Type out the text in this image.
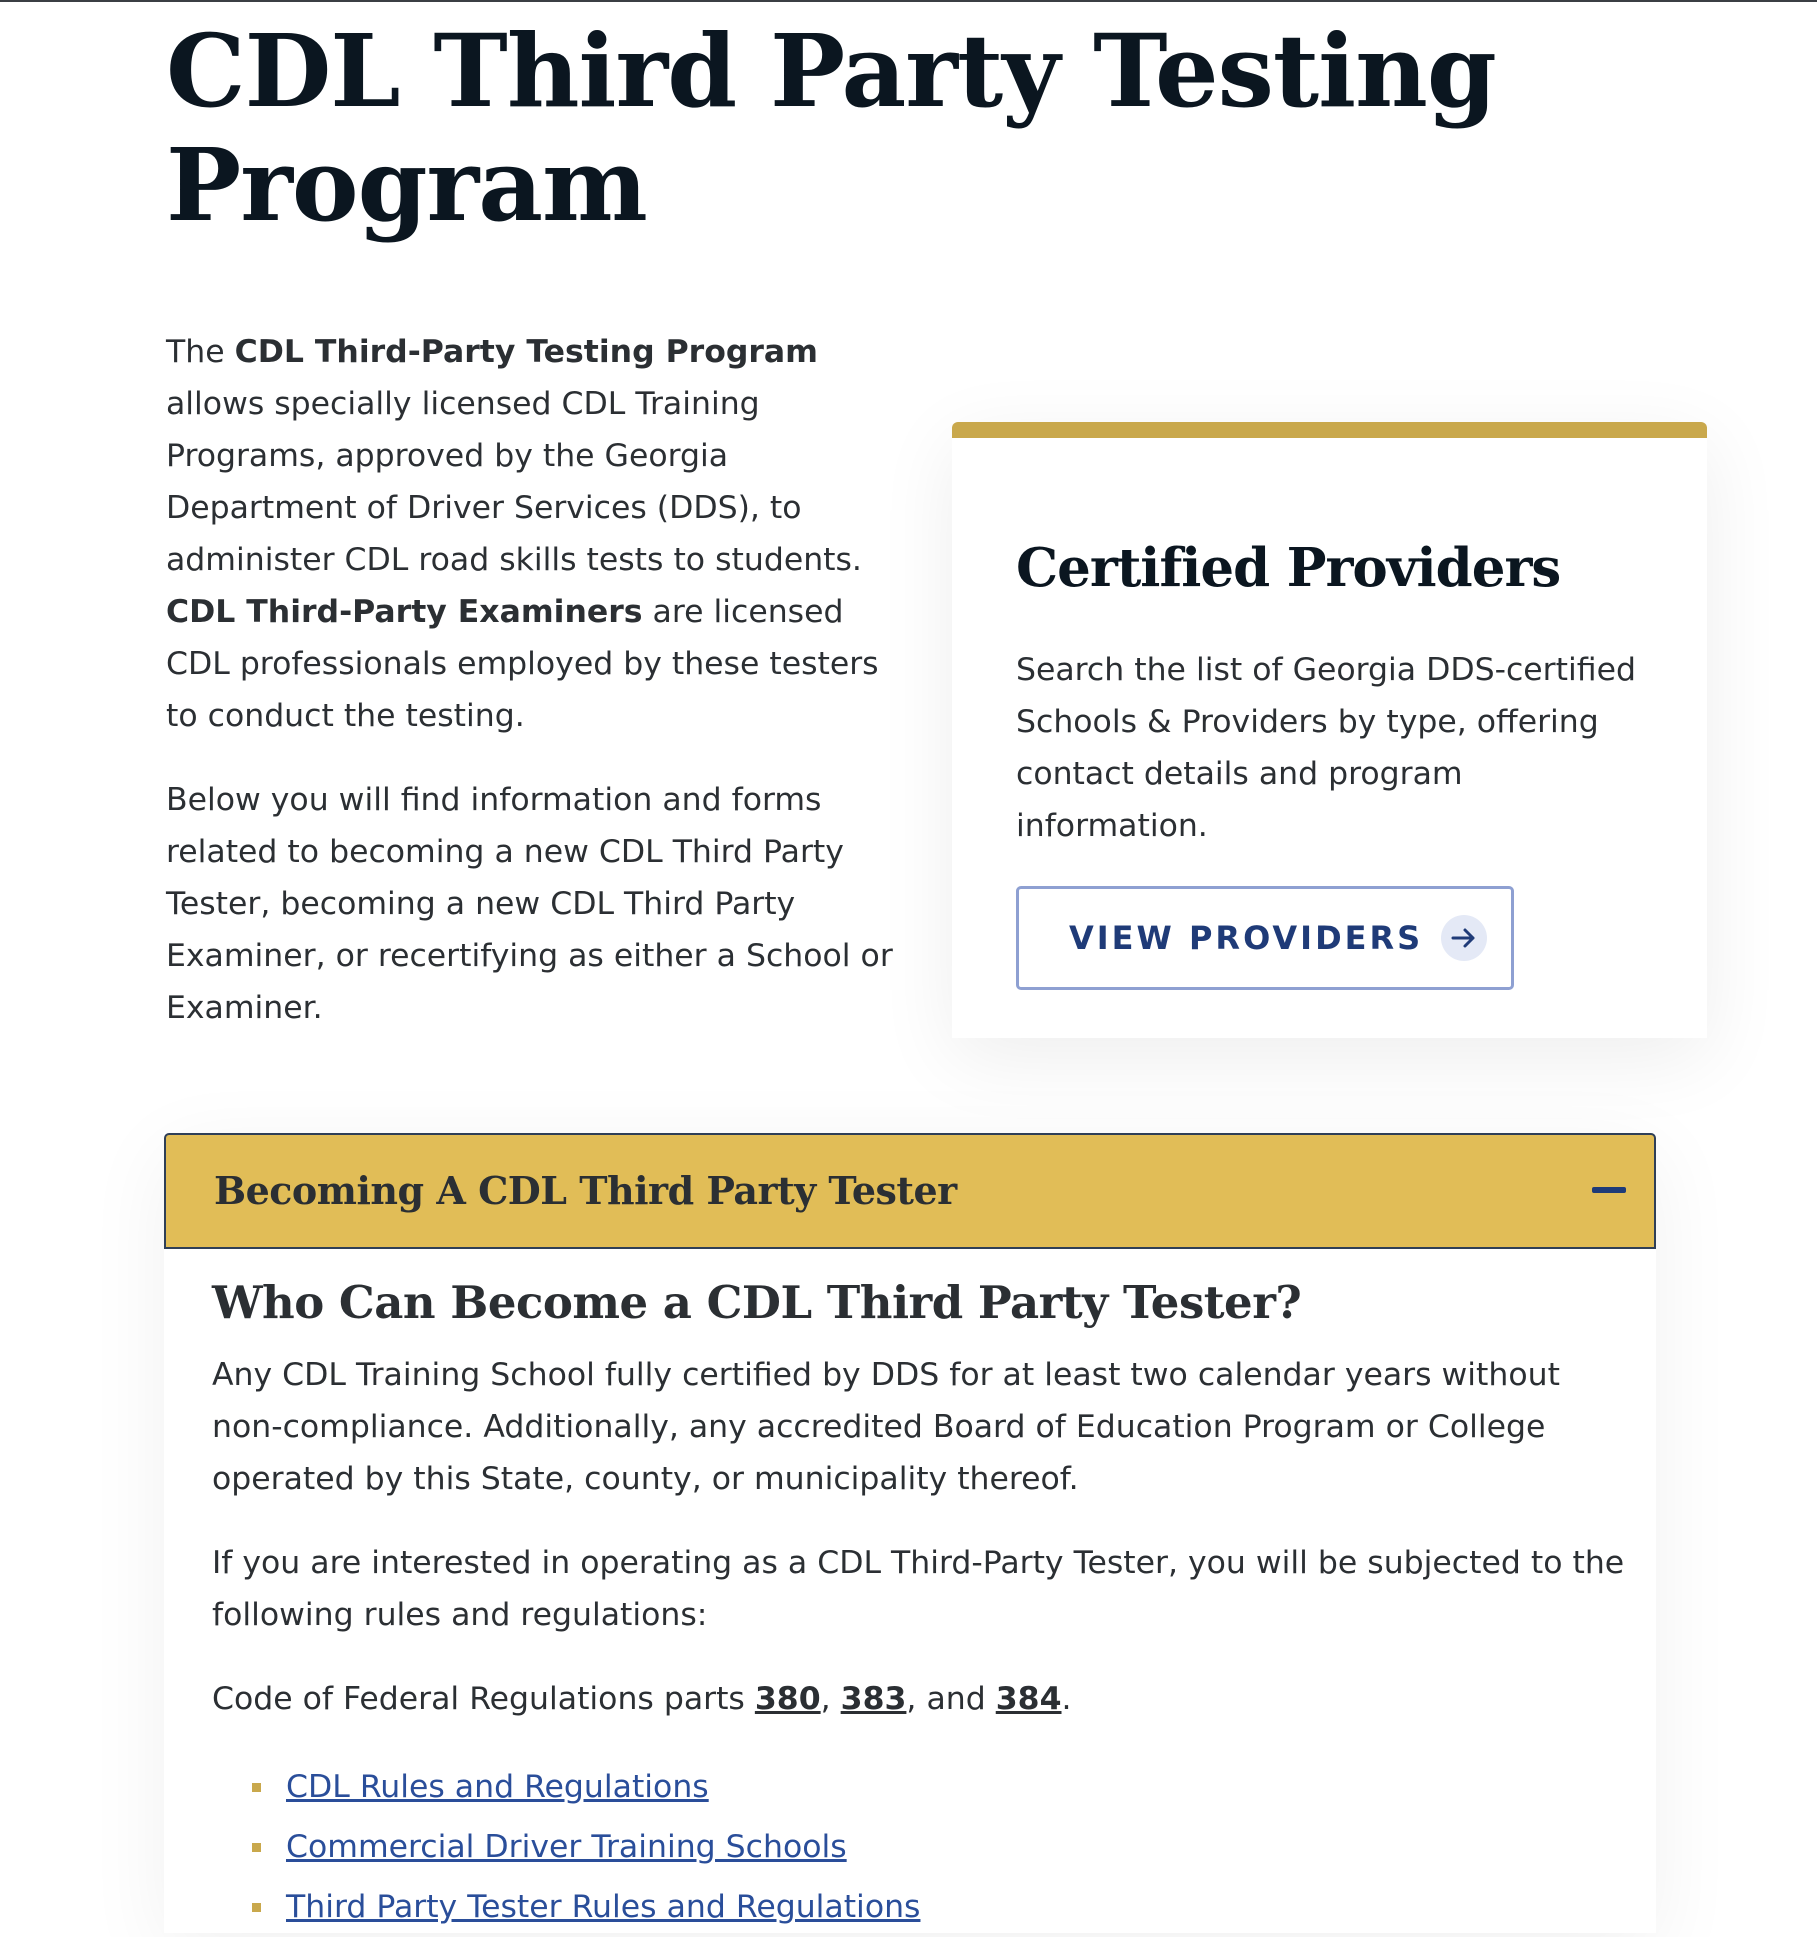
CDL Third Party Testing Program

The CDL Third-Party Testing Program allows specially licensed CDL Training Programs, approved by the Georgia Department of Driver Services (DDS), to administer CDL road skills tests to students. CDL Third-Party Examiners are licensed CDL professionals employed by these testers to conduct the testing.

Below you will find information and forms related to becoming a new CDL Third Party Tester, becoming a new CDL Third Party Examiner, or recertifying as either a School or Examiner.

Certified Providers

Search the list of Georgia DDS-certified Schools & Providers by type, offering contact details and program information.

VIEW PROVIDERS
Becoming A CDL Third Party Tester
Who Can Become a CDL Third Party Tester?

Any CDL Training School fully certified by DDS for at least two calendar years without non-compliance. Additionally, any accredited Board of Education Program or College operated by this State, county, or municipality thereof.

If you are interested in operating as a CDL Third-Party Tester, you will be subjected to the following rules and regulations:

Code of Federal Regulations parts 380, 383, and 384.

CDL Rules and Regulations
Commercial Driver Training Schools
Third Party Tester Rules and Regulations
